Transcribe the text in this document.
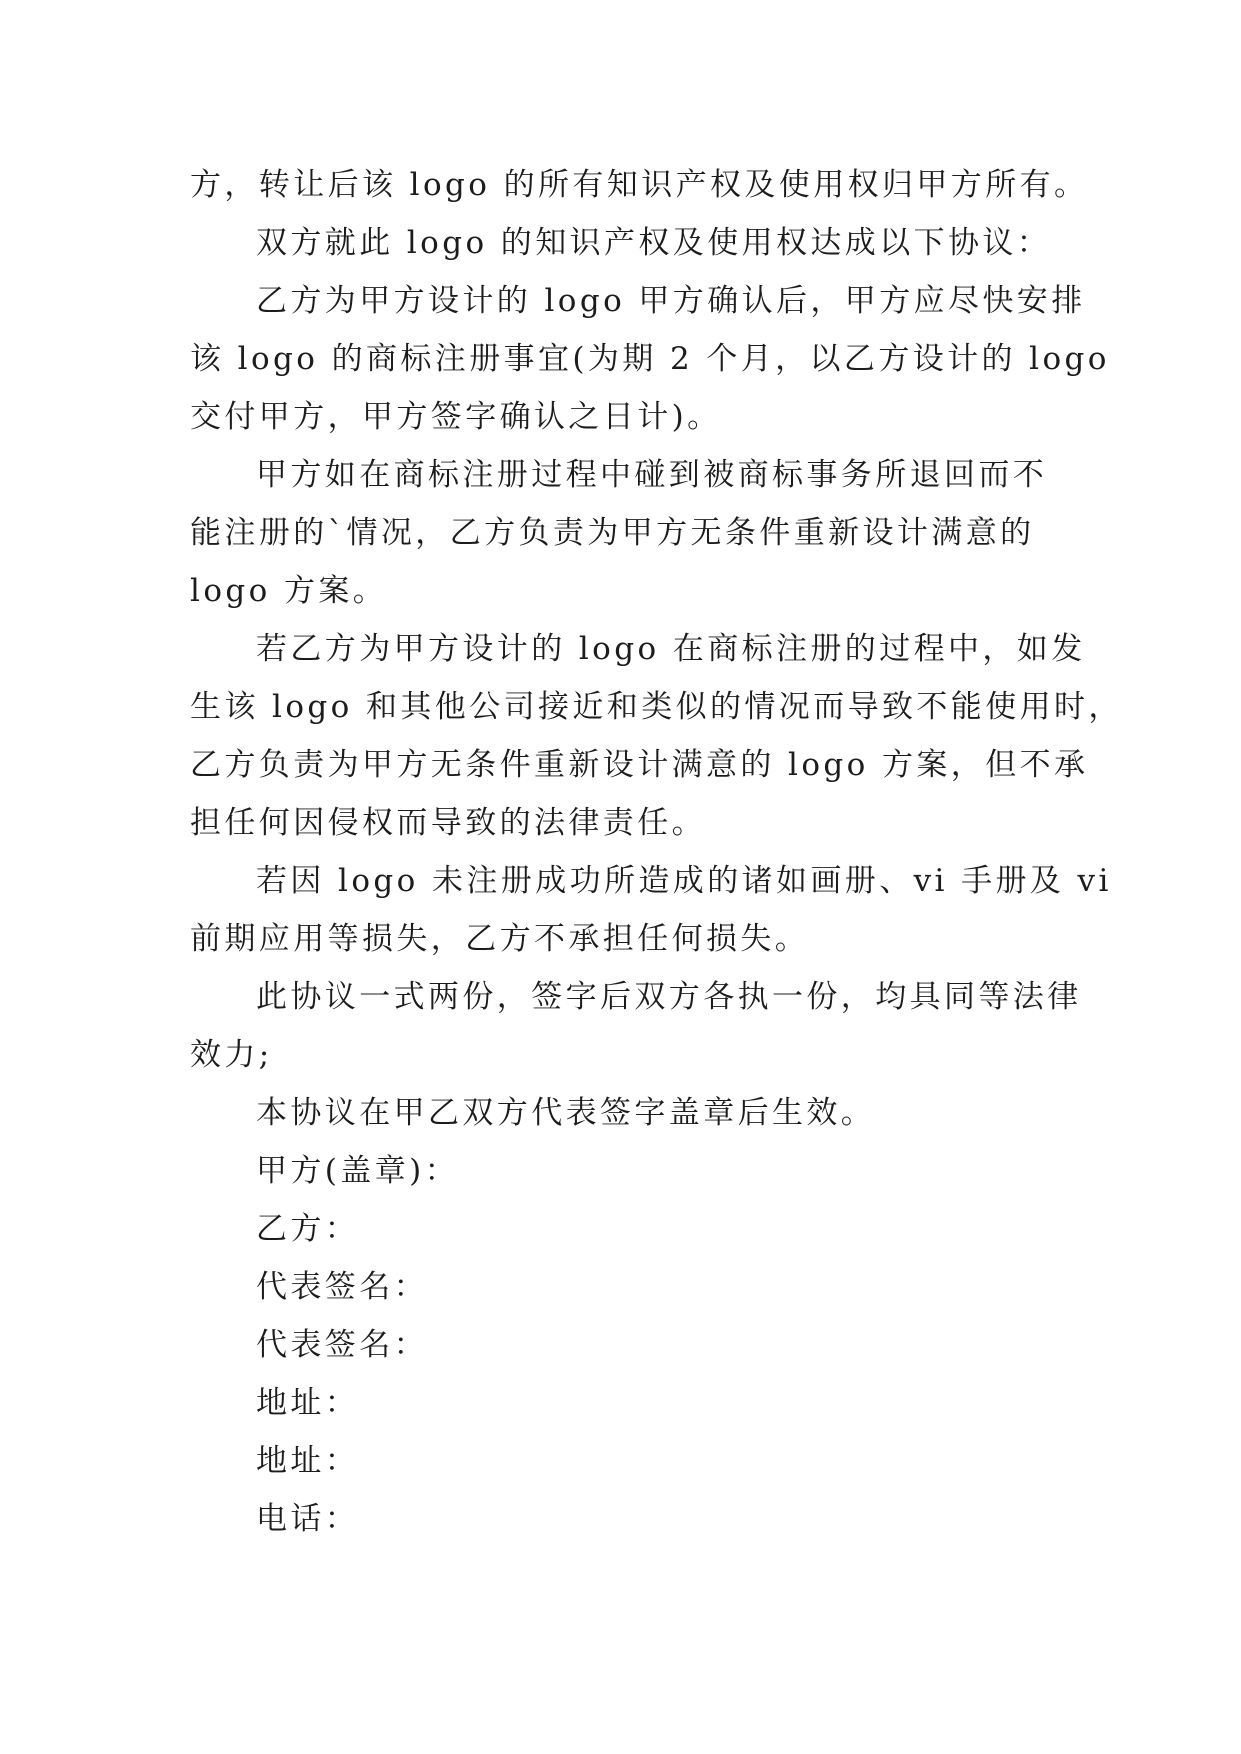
方，转让后该 logo 的所有知识产权及使用权归甲方所有。
双方就此 logo 的知识产权及使用权达成以下协议：
乙方为甲方设计的 logo 甲方确认后，甲方应尽快安排
该 logo 的商标注册事宜(为期 2 个月，以乙方设计的 logo
交付甲方，甲方签字确认之日计)。
甲方如在商标注册过程中碰到被商标事务所退回而不
能注册的`情况，乙方负责为甲方无条件重新设计满意的
logo 方案。
若乙方为甲方设计的 logo 在商标注册的过程中，如发
生该 logo 和其他公司接近和类似的情况而导致不能使用时，
乙方负责为甲方无条件重新设计满意的 logo 方案，但不承
担任何因侵权而导致的法律责任。
若因 logo 未注册成功所造成的诸如画册、vi 手册及 vi
前期应用等损失，乙方不承担任何损失。
此协议一式两份，签字后双方各执一份，均具同等法律
效力;
本协议在甲乙双方代表签字盖章后生效。
甲方(盖章)：
乙方：
代表签名：
代表签名：
地址：
地址：
电话：
